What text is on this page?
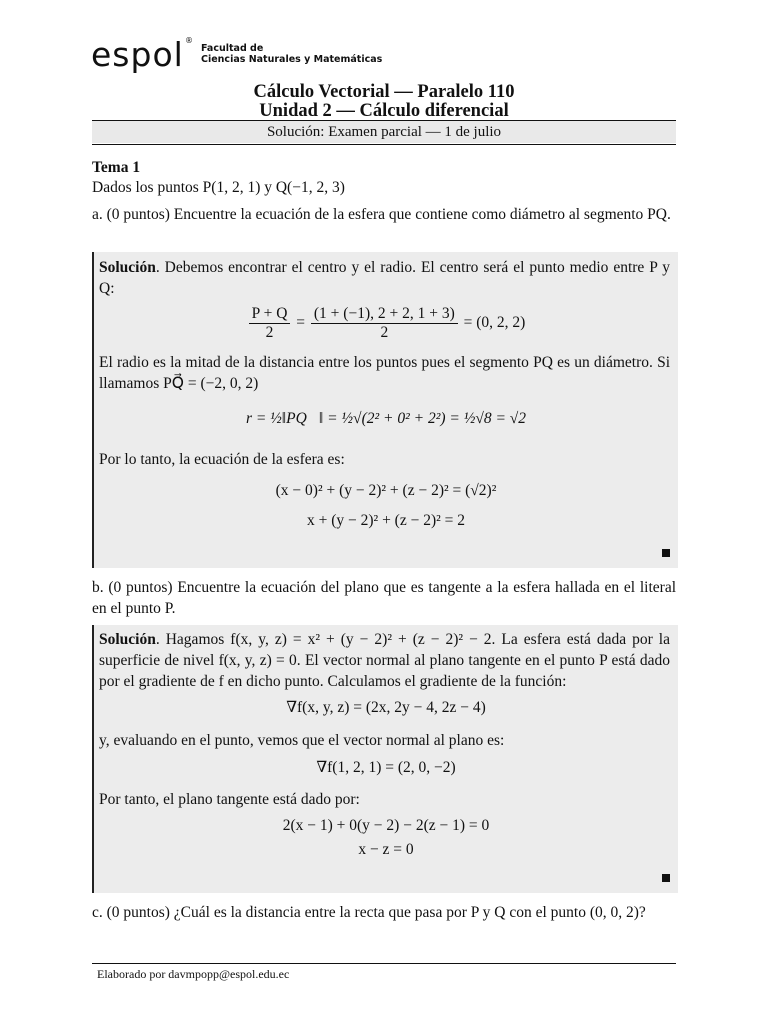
espol ®
Facultad de
Ciencias Naturales y Matemáticas
Cálculo Vectorial — Paralelo 110
Unidad 2 — Cálculo diferencial
Solución: Examen parcial — 1 de julio
Tema 1
Dados los puntos P(1, 2, 1) y Q(−1, 2, 3)
a. (0 puntos) Encuentre la ecuación de la esfera que contiene como diámetro al segmento PQ.
Solución. Debemos encontrar el centro y el radio. El centro será el punto medio entre P y Q:
$\frac{P + Q}{2} = \frac{(1 + (-1), 2 + 2, 1 + 3)}{2} = (0$, 2, 2)
El radio es la mitad de la distancia entre los puntos pues el segmento PQ es un diámetro. Si llamamos PQ⃗ = (−2, 0, 2)
r = ½‖PQ⃗‖ = ½√(2² + 0² + 2²) = ½√8 = √2
Por lo tanto, la ecuación de la esfera es:
(x − 0)² + (y − 2)² + (z − 2)² = (√2)²
x + (y − 2)² + (z − 2)² = 2
b. (0 puntos) Encuentre la ecuación del plano que es tangente a la esfera hallada en el literal en el punto P.
Solución. Hagamos f(x, y, z) = x² + (y − 2)² + (z − 2)² − 2. La esfera está dada por la superficie de nivel f(x, y, z) = 0. El vector normal al plano tangente en el punto P está dado por el gradiente de f en dicho punto. Calculamos el gradiente de la función:
∇f(x, y, z) = (2x, 2y − 4, 2z − 4)
y, evaluando en el punto, vemos que el vector normal al plano es:
∇f(1, 2, 1) = (2, 0, −2)
Por tanto, el plano tangente está dado por:
2(x − 1) + 0(y − 2) − 2(z − 1) = 0
x − z = 0
c. (0 puntos) ¿Cuál es la distancia entre la recta que pasa por P y Q con el punto (0, 0, 2)?
Elaborado por davmpopp@espol.edu.ec
